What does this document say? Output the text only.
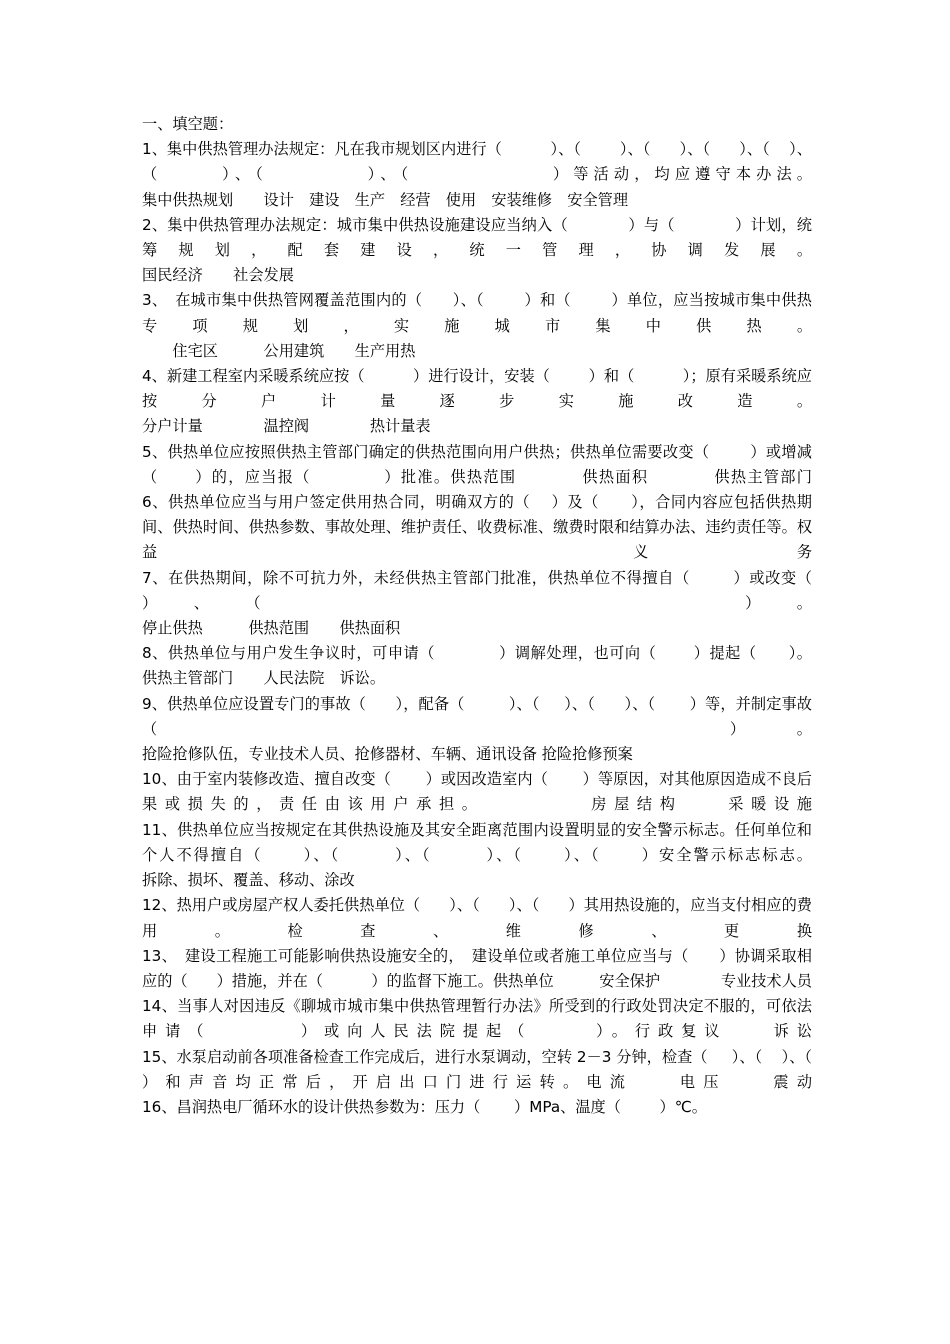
一、填空题：

1、集中供热管理办法规定：凡在我市规划区内进行（          ）、（        ）、（      ）、（      ）、（    ）、（      ）、（          ）、（              ）等活动，均应遵守本办法。

集中供热规划　　设计　建设　生产　经营　使用　安装维修　安全管理

2、集中供热管理办法规定：城市集中供热设施建设应当纳入（            ）与（            ）计划，统筹规划，配套建设，统一管理，协调发展。

国民经济　　社会发展

3、　在城市集中供热管网覆盖范围内的（      ）、（        ）和（        ）单位，应当按城市集中供热专项规划，实施城市集中供热。

　　住宅区　　　公用建筑　　生产用热

4、新建工程室内采暖系统应按（          ）进行设计，安装（        ）和（          ）；原有采暖系统应按分户计量逐步实施改造。

分户计量　　　　温控阀　　　　热计量表

5、供热单位应按照供热主管部门确定的供热范围向用户供热；供热单位需要改变（        ）或增减（      ）的，应当报（            ）批准。供热范围　　　　供热面积　　　　供热主管部门

6、供热单位应当与用户签定供用热合同，明确双方的（    ）及（      ），合同内容应包括供热期间、供热时间、供热参数、事故处理、维护责任、收费标准、缴费时限和结算办法、违约责任等。权益　　义务

7、在供热期间，除不可抗力外，未经供热主管部门批准，供热单位不得擅自（        ）或改变（      ）、（         ）。

停止供热　　　供热范围　　供热面积

8、供热单位与用户发生争议时，可申请（            ）调解处理，也可向（       ）提起（      ）。

供热主管部门　　人民法院　诉讼。

9、供热单位应设置专门的事故（      ），配备（         ）、（     ）、（      ）、（       ）等，并制定事故（        ）。

抢险抢修队伍，专业技术人员、抢修器材、车辆、通讯设备 抢险抢修预案

10、由于室内装修改造、擅自改变（       ）或因改造室内（       ）等原因，对其他原因造成不良后果或损失的，责任由该用户承担。　　　　　房屋结构　　采暖设施

11、供热单位应当按规定在其供热设施及其安全距离范围内设置明显的安全警示标志。任何单位和个人不得擅自（      ）、（        ）、（        ）、（      ）、（      ）安全警示标志标志。

拆除、损坏、覆盖、移动、涂改

12、热用户或房屋产权人委托供热单位（      ）、（      ）、（      ）其用热设施的，应当支付相应的费用。检查、维修、更换

13、　建设工程施工可能影响供热设施安全的，　建设单位或者施工单位应当与（      ）协调采取相应的（      ）措施，并在（          ）的监督下施工。供热单位　　　安全保护　　　　专业技术人员

14、当事人对因违反《聊城市城市集中供热管理暂行办法》所受到的行政处罚决定不服的，可依法申请（       ）或向人民法院提起（     ）。行政复议　　诉讼

15、水泵启动前各项准备检查工作完成后，进行水泵调动，空转 2－3 分钟，检查（     ）、（    ）、（    ）和声音均正常后，开启出口门进行运转。电流　　电压　　震动

16、昌润热电厂循环水的设计供热参数为：压力（       ）MPa、温度（        ）℃。
